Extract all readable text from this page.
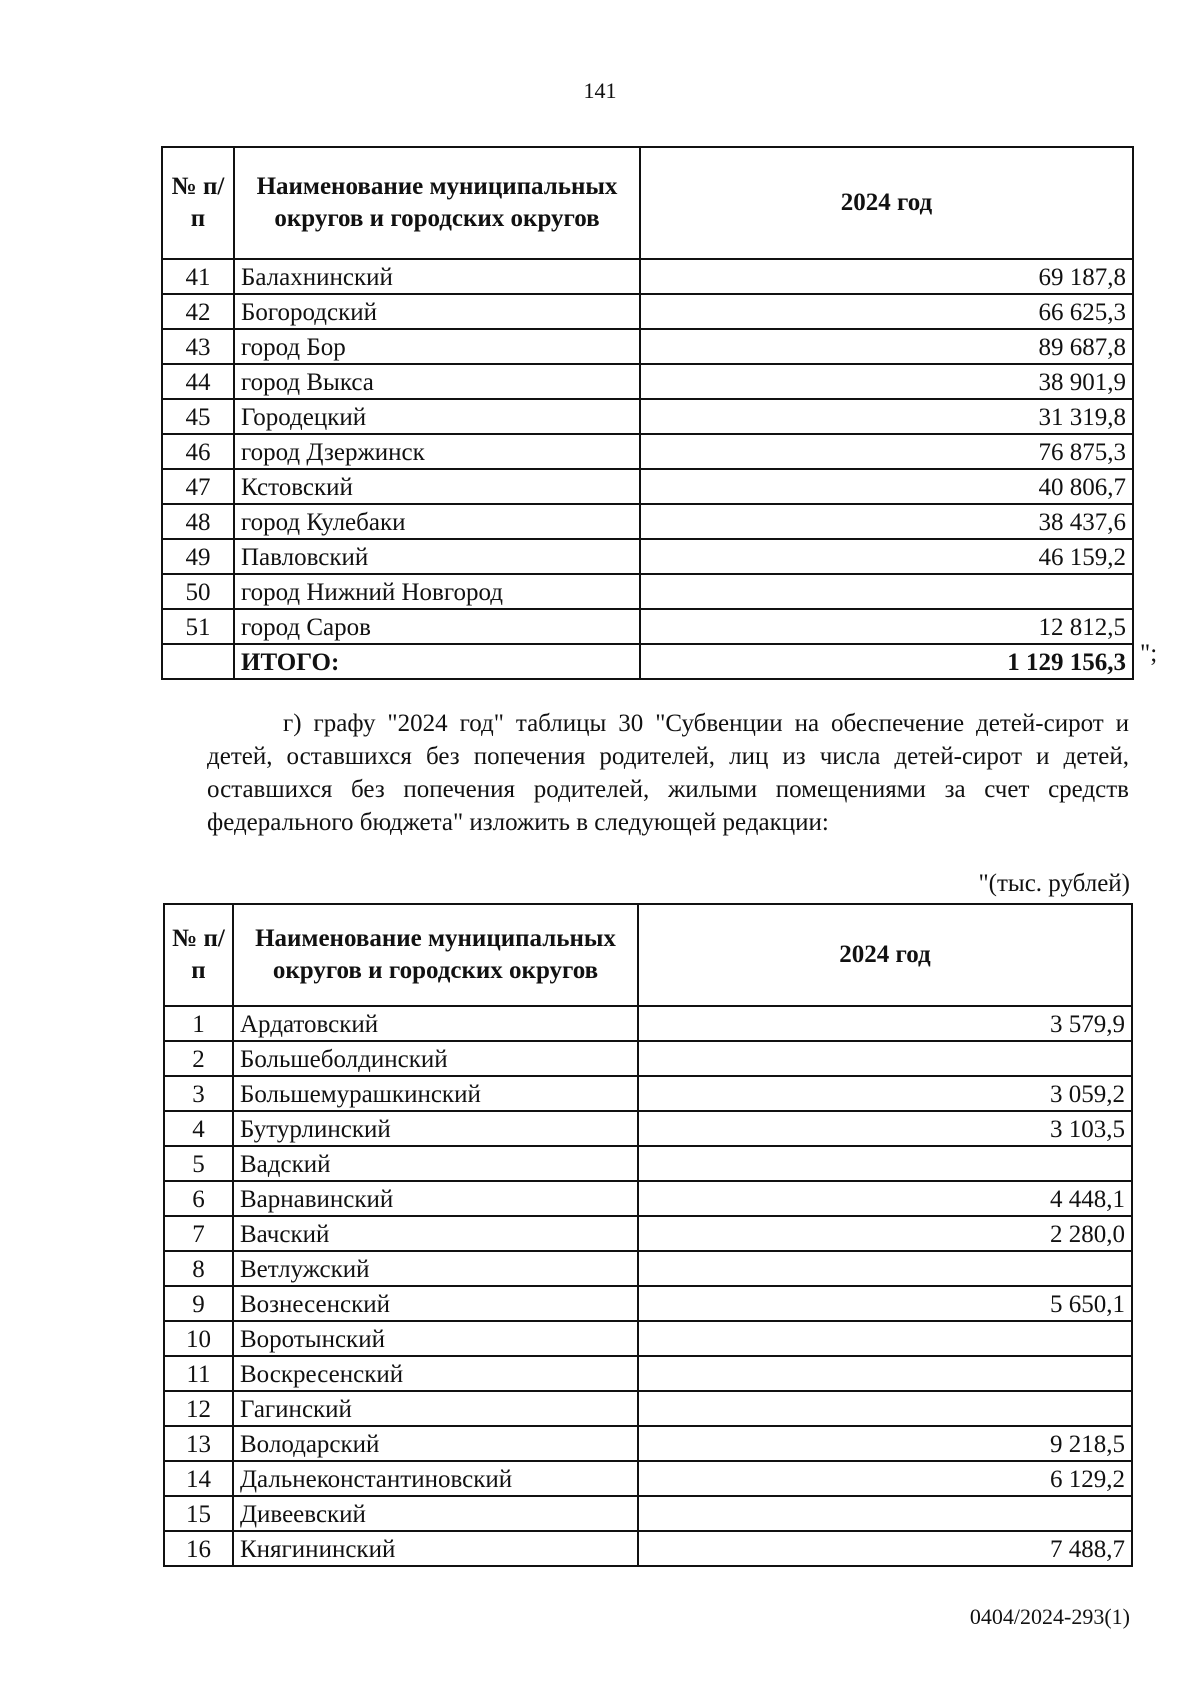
141
№ п/п	Наименование муниципальных округов и городских округов	2024 год
41	Балахнинский	69 187,8
42	Богородский	66 625,3
43	город Бор	89 687,8
44	город Выкса	38 901,9
45	Городецкий	31 319,8
46	город Дзержинск	76 875,3
47	Кстовский	40 806,7
48	город Кулебаки	38 437,6
49	Павловский	46 159,2
50	город Нижний Новгород	
51	город Саров	12 812,5
	ИТОГО:	1 129 156,3 ";
г) графу "2024 год" таблицы 30 "Субвенции на обеспечение детей-сирот и детей, оставшихся без попечения родителей, лиц из числа детей-сирот и детей, оставшихся без попечения родителей, жилыми помещениями за счет средств федерального бюджета" изложить в следующей редакции:
"(тыс. рублей)
№ п/п	Наименование муниципальных округов и городских округов	2024 год
1	Ардатовский	3 579,9
2	Большеболдинский	
3	Большемурашкинский	3 059,2
4	Бутурлинский	3 103,5
5	Вадский	
6	Варнавинский	4 448,1
7	Вачский	2 280,0
8	Ветлужский	
9	Вознесенский	5 650,1
10	Воротынский	
11	Воскресенский	
12	Гагинский	
13	Володарский	9 218,5
14	Дальнеконстантиновский	6 129,2
15	Дивеевский	
16	Княгининский	7 488,7
0404/2024-293(1)
